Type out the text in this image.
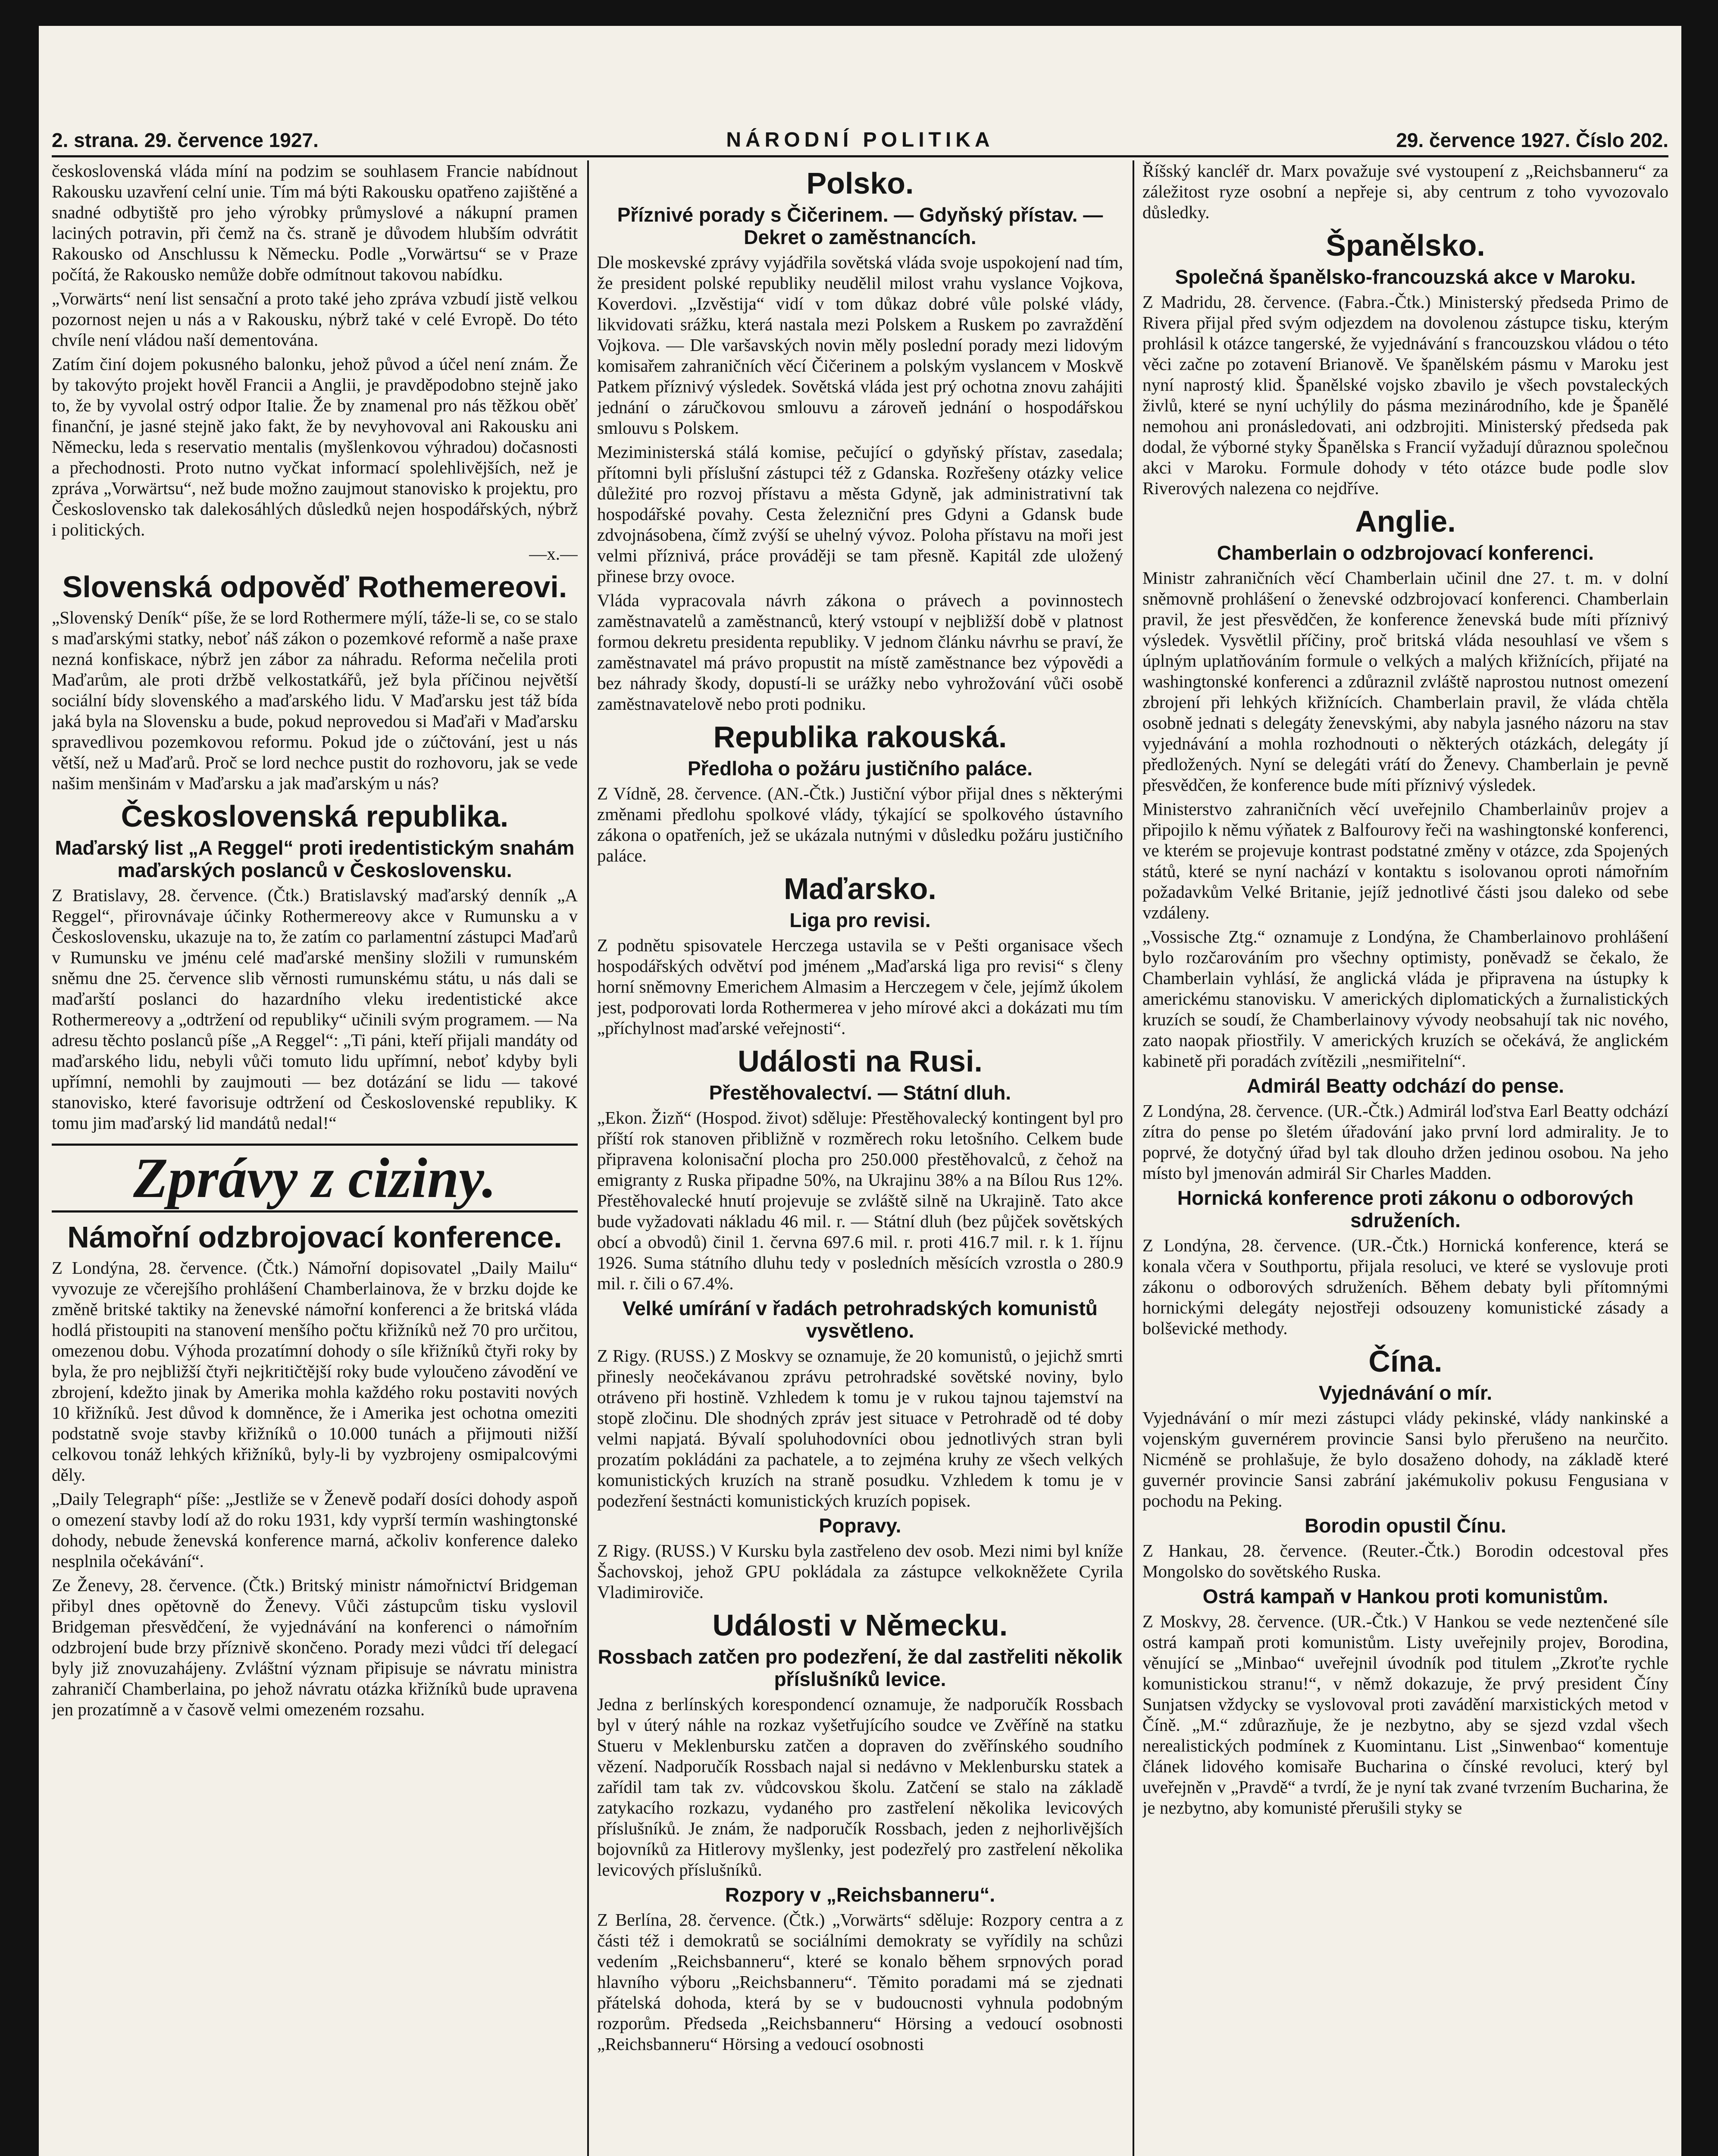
2. strana. 29. července 1927.	NÁRODNÍ POLITIKA	29. července 1927. Číslo 202.

československá vláda míní na podzim se souhlasem Francie nabídnout Rakousku uzavření celní unie. Tím má býti Rakousku opatřeno zajištěné a snadné odbytiště pro jeho výrobky průmyslové a nákupní pramen laciných potravin, při čemž na čs. straně je důvodem hlubším odvrátit Rakousko od Anschlussu k Německu. Podle „Vorwärtsu“ se v Praze počítá, že Rakousko nemůže dobře odmítnout takovou nabídku.

„Vorwärts“ není list sensační a proto také jeho zpráva vzbudí jistě velkou pozornost nejen u nás a v Rakousku, nýbrž také v celé Evropě. Do této chvíle není vládou naší dementována.

Zatím činí dojem pokusného balonku, jehož původ a účel není znám. Že by takovýto projekt hověl Francii a Anglii, je pravděpodobno stejně jako to, že by vyvolal ostrý odpor Italie. Že by znamenal pro nás těžkou oběť finanční, je jasné stejně jako fakt, že by nevyhovoval ani Rakousku ani Německu, leda s reservatio mentalis (myšlenkovou výhradou) dočasnosti a přechodnosti. Proto nutno vyčkat informací spolehlivějších, než je zpráva „Vorwärtsu“, než bude možno zaujmout stanovisko k projektu, pro Československo tak dalekosáhlých důsledků nejen hospodářských, nýbrž i politických.

—x.—

Slovenská odpověď Rothemereovi.

„Slovenský Deník“ píše, že se lord Rothermere mýlí, táže-li se, co se stalo s maďarskými statky, neboť náš zákon o pozemkové reformě a naše praxe nezná konfiskace, nýbrž jen zábor za náhradu. Reforma nečelila proti Maďarům, ale proti držbě velkostatkářů, jež byla příčinou největší sociální bídy slovenského a maďarského lidu. V Maďarsku jest táž bída jaká byla na Slovensku a bude, pokud neprovedou si Maďaři v Maďarsku spravedlivou pozemkovou reformu. Pokud jde o zúčtování, jest u nás větší, než u Maďarů. Proč se lord nechce pustit do rozhovoru, jak se vede našim menšinám v Maďarsku a jak maďarským u nás?

Československá republika.
Maďarský list „A Reggel“ proti iredentistickým snahám maďarských poslanců v Československu.

Z Bratislavy, 28. července. (Čtk.) Bratislavský maďarský denník „A Reggel“, přirovnávaje účinky Rothermereovy akce v Rumunsku a v Československu, ukazuje na to, že zatím co parlamentní zástupci Maďarů v Rumunsku ve jménu celé maďarské menšiny složili v rumunském sněmu dne 25. července slib věrnosti rumunskému státu, u nás dali se maďarští poslanci do hazardního vleku iredentistické akce Rothermereovy a „odtržení od republiky“ učinili svým programem. — Na adresu těchto poslanců píše „A Reggel“: „Ti páni, kteří přijali mandáty od maďarského lidu, nebyli vůči tomuto lidu upřímní, neboť kdyby byli upřímní, nemohli by zaujmouti — bez dotázání se lidu — takové stanovisko, které favorisuje odtržení od Československé republiky. K tomu jim maďarský lid mandátů nedal!“

Zprávy z ciziny.
Námořní odzbrojovací konference.

Z Londýna, 28. července. (Čtk.) Námořní dopisovatel „Daily Mailu“ vyvozuje ze včerejšího prohlášení Chamberlainova, že v brzku dojde ke změně britské taktiky na ženevské námořní konferenci a že britská vláda hodlá přistoupiti na stanovení menšího počtu křižníků než 70 pro určitou, omezenou dobu. Výhoda prozatímní dohody o síle křižníků čtyři roky by byla, že pro nejbližší čtyři nejkritičtější roky bude vyloučeno závodění ve zbrojení, kdežto jinak by Amerika mohla každého roku postaviti nových 10 křižníků. Jest důvod k domněnce, že i Amerika jest ochotna omeziti podstatně svoje stavby křižníků o 10.000 tunách a přijmouti nižší celkovou tonáž lehkých křižníků, byly-li by vyzbrojeny osmipalcovými děly.

„Daily Telegraph“ píše: „Jestliže se v Ženevě podaří dosíci dohody aspoň o omezení stavby lodí až do roku 1931, kdy vyprší termín washingtonské dohody, nebude ženevská konference marná, ačkoliv konference daleko nesplnila očekávání“.

Ze Ženevy, 28. července. (Čtk.) Britský ministr námořnictví Bridgeman přibyl dnes opětovně do Ženevy. Vůči zástupcům tisku vyslovil Bridgeman přesvědčení, že vyjednávání na konferenci o námořním odzbrojení bude brzy příznivě skončeno. Porady mezi vůdci tří delegací byly již znovuzahájeny. Zvláštní význam připisuje se návratu ministra zahraničí Chamberlaina, po jehož návratu otázka křižníků bude upravena jen prozatímně a v časově velmi omezeném rozsahu.

Polsko.
Příznivé porady s Čičerinem. — Gdyňský přístav. — Dekret o zaměstnancích.

Dle moskevské zprávy vyjádřila sovětská vláda svoje uspokojení nad tím, že president polské republiky neudělil milost vrahu vyslance Vojkova, Koverdovi. „Izvěstija“ vidí v tom důkaz dobré vůle polské vlády, likvidovati srážku, která nastala mezi Polskem a Ruskem po zavraždění Vojkova. — Dle varšavských novin měly poslední porady mezi lidovým komisařem zahraničních věcí Čičerinem a polským vyslancem v Moskvě Patkem příznivý výsledek. Sovětská vláda jest prý ochotna znovu zahájiti jednání o záručkovou smlouvu a zároveň jednání o hospodářskou smlouvu s Polskem.

Meziministerská stálá komise, pečující o gdyňský přístav, zasedala; přítomni byli příslušní zástupci též z Gdanska. Rozřešeny otázky velice důležité pro rozvoj přístavu a města Gdyně, jak administrativní tak hospodářské povahy. Cesta železniční pres Gdyni a Gdansk bude zdvojnásobena, čímž zvýší se uhelný vývoz. Poloha přístavu na moři jest velmi příznivá, práce prováději se tam přesně. Kapitál zde uložený přinese brzy ovoce.

Vláda vypracovala návrh zákona o právech a povinnostech zaměstnavatelů a zaměstnanců, který vstoupí v nejbližší době v platnost formou dekretu presidenta republiky. V jednom článku návrhu se praví, že zaměstnavatel má právo propustit na místě zaměstnance bez výpovědi a bez náhrady škody, dopustí-li se urážky nebo vyhrožování vůči osobě zaměstnavatelově nebo proti podniku.

Republika rakouská.
Předloha o požáru justičního paláce.

Z Vídně, 28. července. (AN.-Čtk.) Justiční výbor přijal dnes s některými změnami předlohu spolkové vlády, týkající se spolkového ústavního zákona o opatřeních, jež se ukázala nutnými v důsledku požáru justičního paláce.

Maďarsko.
Liga pro revisi.

Z podnětu spisovatele Herczega ustavila se v Pešti organisace všech hospodářských odvětví pod jménem „Maďarská liga pro revisi“ s členy horní sněmovny Emerichem Almasim a Herczegem v čele, jejímž úkolem jest, podporovati lorda Rothermerea v jeho mírové akci a dokázati mu tím „příchylnost maďarské veřejnosti“.

Události na Rusi.
Přestěhovalectví. — Státní dluh.

„Ekon. Žizň“ (Hospod. život) sděluje: Přestěhovalecký kontingent byl pro příští rok stanoven přibližně v rozměrech roku letošního. Celkem bude připravena kolonisační plocha pro 250.000 přestěhovalců, z čehož na emigranty z Ruska připadne 50%, na Ukrajinu 38% a na Bílou Rus 12%. Přestěhovalecké hnutí projevuje se zvláště silně na Ukrajině. Tato akce bude vyžadovati nákladu 46 mil. r. — Státní dluh (bez půjček sovětských obcí a obvodů) činil 1. června 697.6 mil. r. proti 416.7 mil. r. k 1. říjnu 1926. Suma státního dluhu tedy v posledních měsících vzrostla o 280.9 mil. r. čili o 67.4%.

Velké umírání v řadách petrohradských komunistů vysvětleno.

Z Rigy. (RUSS.) Z Moskvy se oznamuje, že 20 komunistů, o jejichž smrti přinesly neočekávanou zprávu petrohradské sovětské noviny, bylo otráveno při hostině. Vzhledem k tomu je v rukou tajnou tajemství na stopě zločinu. Dle shodných zpráv jest situace v Petrohradě od té doby velmi napjatá. Bývalí spoluhodovníci obou jednotlivých stran byli prozatím pokládáni za pachatele, a to zejména kruhy ze všech velkých komunistických kruzích na straně posudku. Vzhledem k tomu je v podezření šestnácti komunistických kruzích popisek.

Popravy.

Z Rigy. (RUSS.) V Kursku byla zastřeleno dev osob. Mezi nimi byl kníže Šachovskoj, jehož GPU pokládala za zástupce velkokněžete Cyrila Vladimiroviče.

Události v Německu.
Rossbach zatčen pro podezření, že dal zastřeliti několik příslušníků levice.

Jedna z berlínských korespondencí oznamuje, že nadporučík Rossbach byl v úterý náhle na rozkaz vyšetřujícího soudce ve Zvěříně na statku Stueru v Meklenbursku zatčen a dopraven do zvěřínského soudního vězení. Nadporučík Rossbach najal si nedávno v Meklenbursku statek a zařídil tam tak zv. vůdcovskou školu. Zatčení se stalo na základě zatykacího rozkazu, vydaného pro zastřelení několika levicových příslušníků. Je znám, že nadporučík Rossbach, jeden z nejhorlivějších bojovníků za Hitlerovy myšlenky, jest podezřelý pro zastřelení několika levicových příslušníků.

Rozpory v „Reichsbanneru“.

Z Berlína, 28. července. (Čtk.) „Vorwärts“ sděluje: Rozpory centra a z části též i demokratů se sociálními demokraty se vyřídily na schůzi vedením „Reichsbanneru“, které se konalo během srpnových porad hlavního výboru „Reichsbanneru“. Těmito poradami má se zjednati přátelská dohoda, která by se v budoucnosti vyhnula podobným rozporům. Předseda „Reichsbanneru“ Hörsing a vedoucí osobnosti „Reichsbanneru“ Hörsing a vedoucí osobnosti

Říšský kancléř dr. Marx považuje své vystoupení z „Reichsbanneru“ za záležitost ryze osobní a nepřeje si, aby centrum z toho vyvozovalo důsledky.

Španělsko.
Společná španělsko-francouzská akce v Maroku.

Z Madridu, 28. července. (Fabra.-Čtk.) Ministerský předseda Primo de Rivera přijal před svým odjezdem na dovolenou zástupce tisku, kterým prohlásil k otázce tangerské, že vyjednávání s francouzskou vládou o této věci začne po zotavení Brianově. Ve španělském pásmu v Maroku jest nyní naprostý klid. Španělské vojsko zbavilo je všech povstaleckých živlů, které se nyní uchýlily do pásma mezinárodního, kde je Španělé nemohou ani pronásledovati, ani odzbrojiti. Ministerský předseda pak dodal, že výborné styky Španělska s Francií vyžadují důraznou společnou akci v Maroku. Formule dohody v této otázce bude podle slov Riverových nalezena co nejdříve.

Anglie.
Chamberlain o odzbrojovací konferenci.

Ministr zahraničních věcí Chamberlain učinil dne 27. t. m. v dolní sněmovně prohlášení o ženevské odzbrojovací konferenci. Chamberlain pravil, že jest přesvědčen, že konference ženevská bude míti příznivý výsledek. Vysvětlil příčiny, proč britská vláda nesouhlasí ve všem s úplným uplatňováním formule o velkých a malých křižnících, přijaté na washingtonské konferenci a zdůraznil zvláště naprostou nutnost omezení zbrojení při lehkých křižnících. Chamberlain pravil, že vláda chtěla osobně jednati s delegáty ženevskými, aby nabyla jasného názoru na stav vyjednávání a mohla rozhodnouti o některých otázkách, delegáty jí předložených. Nyní se delegáti vrátí do Ženevy. Chamberlain je pevně přesvědčen, že konference bude míti příznivý výsledek.

Ministerstvo zahraničních věcí uveřejnilo Chamberlainův projev a připojilo k němu výňatek z Balfourovy řeči na washingtonské konferenci, ve kterém se projevuje kontrast podstatné změny v otázce, zda Spojených států, které se nyní nachází v kontaktu s isolovanou oproti námořním požadavkům Velké Britanie, jejíž jednotlivé části jsou daleko od sebe vzdáleny.

„Vossische Ztg.“ oznamuje z Londýna, že Chamberlainovo prohlášení bylo rozčarováním pro všechny optimisty, poněvadž se čekalo, že Chamberlain vyhlásí, že anglická vláda je připravena na ústupky k americkému stanovisku. V amerických diplomatických a žurnalistických kruzích se soudí, že Chamberlainovy vývody neobsahují tak nic nového, zato naopak přiostřily. V amerických kruzích se očekává, že anglickém kabinetě při poradách zvítězili „nesmiřitelní“.

Admirál Beatty odchází do pense.

Z Londýna, 28. července. (UR.-Čtk.) Admirál loďstva Earl Beatty odchází zítra do pense po šletém úřadování jako první lord admirality. Je to poprvé, že dotyčný úřad byl tak dlouho držen jedinou osobou. Na jeho místo byl jmenován admirál Sir Charles Madden.

Hornická konference proti zákonu o odborových sdruženích.

Z Londýna, 28. července. (UR.-Čtk.) Hornická konference, která se konala včera v Southportu, přijala resoluci, ve které se vyslovuje proti zákonu o odborových sdruženích. Během debaty byli přítomnými hornickými delegáty nejostřeji odsouzeny komunistické zásady a bolševické methody.

Čína.
Vyjednávání o mír.

Vyjednávání o mír mezi zástupci vlády pekinské, vlády nankinské a vojenským guvernérem provincie Sansi bylo přerušeno na neurčito. Nicméně se prohlašuje, že bylo dosaženo dohody, na základě které guvernér provincie Sansi zabrání jakémukoliv pokusu Fengusiana v pochodu na Peking.

Borodin opustil Čínu.

Z Hankau, 28. července. (Reuter.-Čtk.) Borodin odcestoval přes Mongolsko do sovětského Ruska.

Ostrá kampaň v Hankou proti komunistům.

Z Moskvy, 28. července. (UR.-Čtk.) V Hankou se vede neztenčené síle ostrá kampaň proti komunistům. Listy uveřejnily projev, Borodina, věnující se „Minbao“ uveřejnil úvodník pod titulem „Zkroťte rychle komunistickou stranu!“, v němž dokazuje, že prvý president Číny Sunjatsen vždycky se vyslovoval proti zavádění marxistických metod v Číně. „M.“ zdůrazňuje, že je nezbytno, aby se sjezd vzdal všech nerealistických podmínek z Kuomintanu. List „Sinwenbao“ komentuje článek lidového komisaře Bucharina o čínské revoluci, který byl uveřejněn v „Pravdě“ a tvrdí, že je nyní tak zvané tvrzením Bucharina, že je nezbytno, aby komunisté přerušili styky se
